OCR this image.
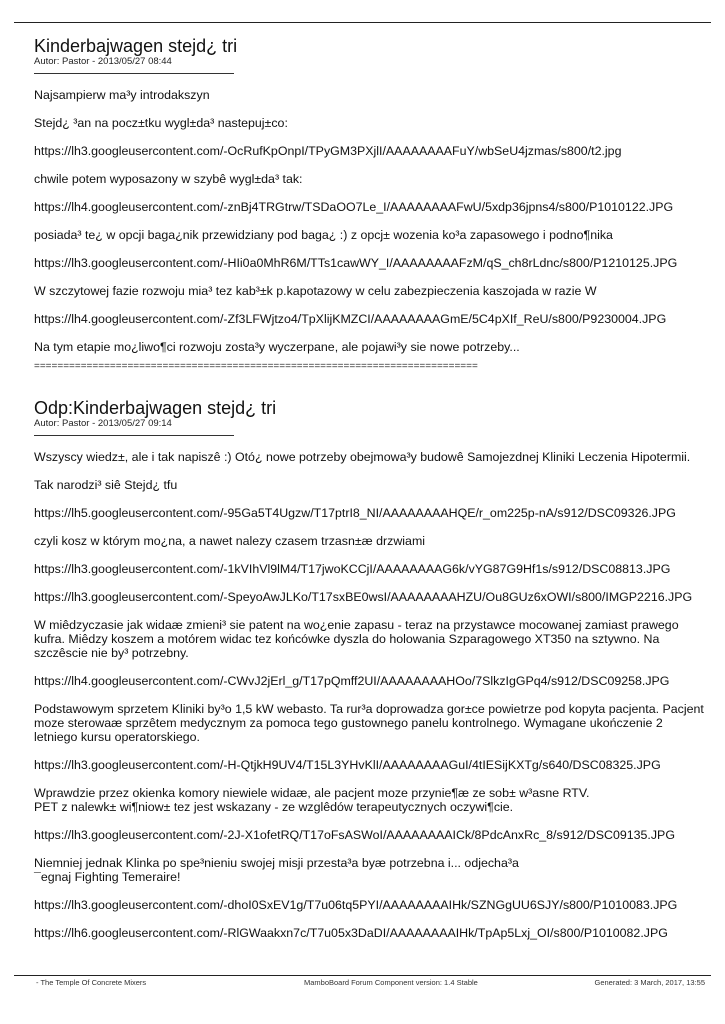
Kinderbajwagen stejd¿ tri

Autor: Pastor - 2013/05/27 08:44

Najsampierw ma³y introdakszyn

Stejd¿ ³an na pocz±tku wygl±da³ nastepuj±co:

https://lh3.googleusercontent.com/-OcRufKpOnpI/TPyGM3PXjlI/AAAAAAAAFuY/wbSeU4jzmas/s800/t2.jpg

chwile potem wyposazony w szybê wygl±da³ tak:

https://lh4.googleusercontent.com/-znBj4TRGtrw/TSDaOO7Le_I/AAAAAAAAFwU/5xdp36jpns4/s800/P1010122.JPG

posiada³ te¿ w opcji baga¿nik przewidziany pod baga¿ :) z opcj± wozenia ko³a zapasowego i podno¶nika

https://lh3.googleusercontent.com/-HIi0a0MhR6M/TTs1cawWY_I/AAAAAAAAFzM/qS_ch8rLdnc/s800/P1210125.JPG

W szczytowej fazie rozwoju mia³ tez kab³±k p.kapotazowy w celu zabezpieczenia kaszojada w razie W

https://lh4.googleusercontent.com/-Zf3LFWjtzo4/TpXlijKMZCI/AAAAAAAAGmE/5C4pXIf_ReU/s800/P9230004.JPG

Na tym etapie mo¿liwo¶ci rozwoju zosta³y wyczerpane, ale pojawi³y sie nowe potrzeby...

============================================================================
Odp:Kinderbajwagen stejd¿ tri

Autor: Pastor - 2013/05/27 09:14

Wszyscy wiedz±, ale i tak napiszê :) Otó¿ nowe potrzeby obejmowa³y budowê Samojezdnej Kliniki Leczenia Hipotermii.

Tak narodzi³ siê Stejd¿ tfu

https://lh5.googleusercontent.com/-95Ga5T4Ugzw/T17ptrI8_NI/AAAAAAAAHQE/r_om225p-nA/s912/DSC09326.JPG

czyli kosz w którym mo¿na, a nawet nalezy czasem trzasn±æ drzwiami

https://lh3.googleusercontent.com/-1kVIhVl9lM4/T17jwoKCCjI/AAAAAAAAG6k/vYG87G9Hf1s/s912/DSC08813.JPG

https://lh3.googleusercontent.com/-SpeyoAwJLKo/T17sxBE0wsI/AAAAAAAAHZU/Ou8GUz6xOWI/s800/IMGP2216.JPG

W miêdzyczasie jak widaæ zmieni³ sie patent na wo¿enie zapasu - teraz na przystawce mocowanej zamiast prawego kufra. Miêdzy koszem a motórem widac tez końcówke dyszla do holowania Szparagowego XT350 na sztywno. Na szczêscie nie by³ potrzebny.

https://lh4.googleusercontent.com/-CWvJ2jErl_g/T17pQmff2UI/AAAAAAAAHOo/7SlkzIgGPq4/s912/DSC09258.JPG

Podstawowym sprzetem Kliniki by³o 1,5 kW webasto. Ta rur³a doprowadza gor±ce powietrze pod kopyta pacjenta. Pacjent moze sterowaæ sprzêtem medycznym za pomoca tego gustownego panelu kontrolnego. Wymagane ukończenie 2 letniego kursu operatorskiego.

https://lh3.googleusercontent.com/-H-QtjkH9UV4/T15L3YHvKlI/AAAAAAAAGuI/4tIESijKXTg/s640/DSC08325.JPG

Wprawdzie przez okienka komory niewiele widaæ, ale pacjent moze przynie¶æ ze sob± w³asne RTV.
PET z nalewk± wi¶niow± tez jest wskazany - ze wzglêdów terapeutycznych oczywi¶cie.

https://lh3.googleusercontent.com/-2J-X1ofetRQ/T17oFsASWoI/AAAAAAAAICk/8PdcAnxRc_8/s912/DSC09135.JPG

Niemniej jednak Klinka po spe³nieniu swojej misji przesta³a byæ potrzebna i... odjecha³a
¯egnaj Fighting Temeraire!

https://lh3.googleusercontent.com/-dhoI0SxEV1g/T7u06tq5PYI/AAAAAAAAIHk/SZNGgUU6SJY/s800/P1010083.JPG

https://lh6.googleusercontent.com/-RlGWaakxn7c/T7u05x3DaDI/AAAAAAAAIHk/TpAp5Lxj_OI/s800/P1010082.JPG

- The Temple Of Concrete Mixers	MamboBoard Forum Component version: 1.4 Stable	Generated: 3 March, 2017, 13:55
